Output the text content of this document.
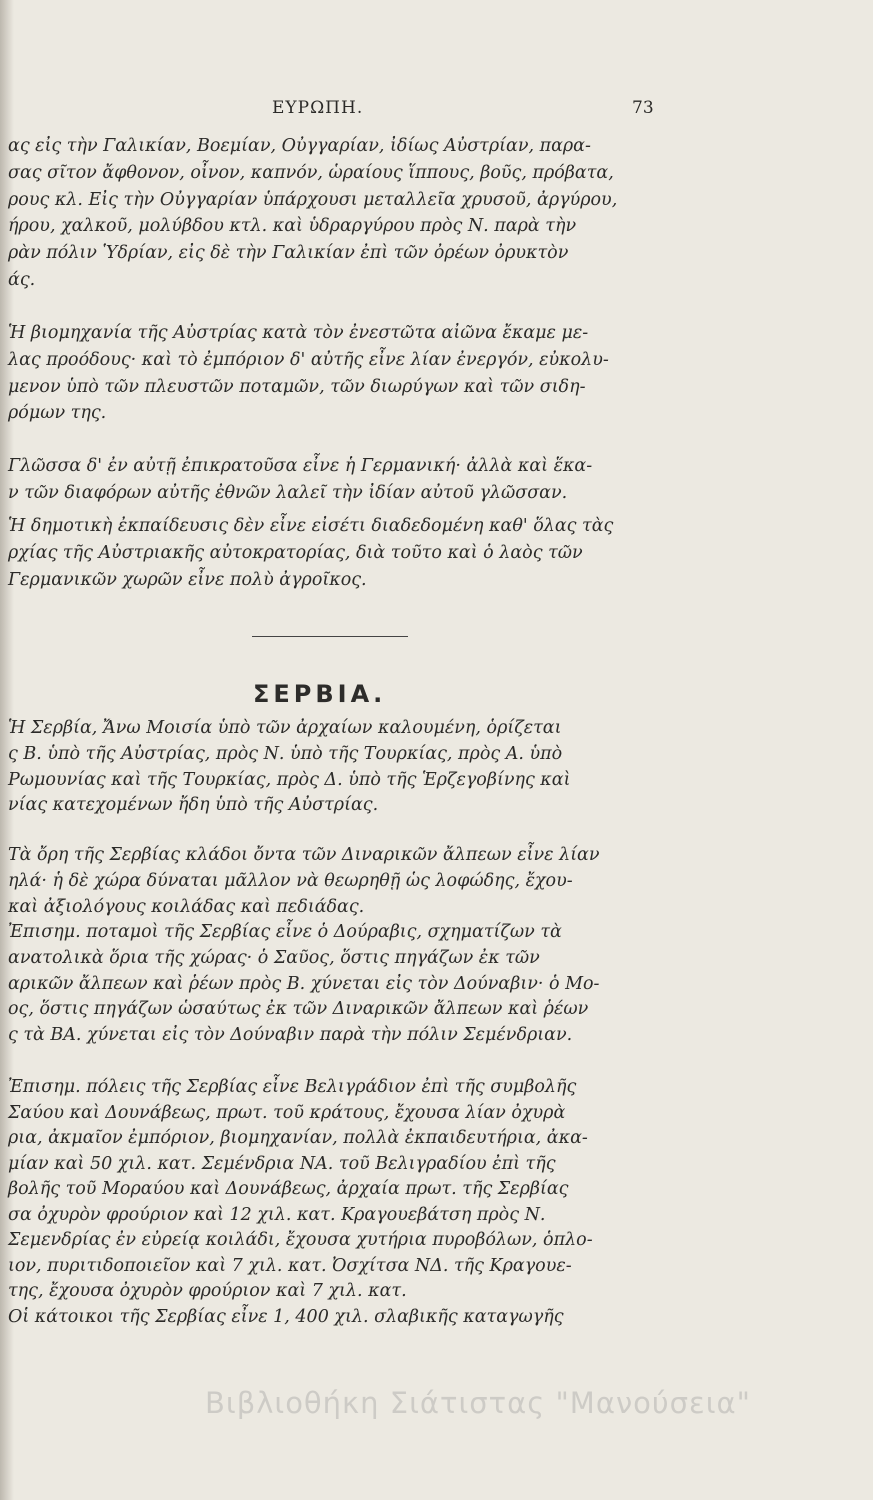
ΕΥΡΩΠΗ.	73
ας εἰς τὴν Γαλικίαν, Βοεμίαν, Οὐγγαρίαν, ἰδίως Αὐστρίαν, παρα-
σας σῖτον ἄφθονον, οἶνον, καπνόν, ὡραίους ἵππους, βοῦς, πρόβατα,
ρους κλ. Εἰς τὴν Οὐγγαρίαν ὑπάρχουσι μεταλλεῖα χρυσοῦ, ἀργύρου,
ήρου, χαλκοῦ, μολύβδου κτλ. καὶ ὑδραργύρου πρὸς Ν. παρὰ τὴν
ρὰν πόλιν Ὑδρίαν, εἰς δὲ τὴν Γαλικίαν ἐπὶ τῶν ὀρέων ὀρυκτὸν
άς.
Ἡ βιομηχανία τῆς Αὐστρίας κατὰ τὸν ἐνεστῶτα αἰῶνα ἔκαμε με-
λας προόδους· καὶ τὸ ἐμπόριον δ' αὐτῆς εἶνε λίαν ἐνεργόν, εὐκολυ-
μενον ὑπὸ τῶν πλευστῶν ποταμῶν, τῶν διωρύγων καὶ τῶν σιδη-
ρόμων της.
Γλῶσσα δ' ἐν αὐτῇ ἐπικρατοῦσα εἶνε ἡ Γερμανική· ἀλλὰ καὶ ἕκα-
ν τῶν διαφόρων αὐτῆς ἐθνῶν λαλεῖ τὴν ἰδίαν αὐτοῦ γλῶσσαν.
Ἡ δημοτικὴ ἐκπαίδευσις δὲν εἶνε εἰσέτι διαδεδομένη καθ' ὅλας τὰς
ρχίας τῆς Αὐστριακῆς αὐτοκρατορίας, διὰ τοῦτο καὶ ὁ λαὸς τῶν
Γερμανικῶν χωρῶν εἶνε πολὺ ἀγροῖκος.
ΣΕΡΒΙΑ.
Ἡ Σερβία, Ἄνω Μοισία ὑπὸ τῶν ἀρχαίων καλουμένη, ὁρίζεται
ς Β. ὑπὸ τῆς Αὐστρίας, πρὸς Ν. ὑπὸ τῆς Τουρκίας, πρὸς Α. ὑπὸ
Ρωμουνίας καὶ τῆς Τουρκίας, πρὸς Δ. ὑπὸ τῆς Ἑρζεγοβίνης καὶ
νίας κατεχομένων ἤδη ὑπὸ τῆς Αὐστρίας.
Τὰ ὄρη τῆς Σερβίας κλάδοι ὄντα τῶν Διναρικῶν ἄλπεων εἶνε λίαν
ηλά· ἡ δὲ χώρα δύναται μᾶλλον νὰ θεωρηθῇ ὡς λοφώδης, ἔχου-
καὶ ἀξιολόγους κοιλάδας καὶ πεδιάδας.
Ἐπισημ. ποταμοὶ τῆς Σερβίας εἶνε ὁ Δούραβις, σχηματίζων τὰ
ανατολικὰ ὅρια τῆς χώρας· ὁ Σαῦος, ὅστις πηγάζων ἐκ τῶν
αρικῶν ἄλπεων καὶ ῥέων πρὸς Β. χύνεται εἰς τὸν Δούναβιν· ὁ Μο-
ος, ὅστις πηγάζων ὡσαύτως ἐκ τῶν Διναρικῶν ἄλπεων καὶ ῥέων
ς τὰ ΒΑ. χύνεται εἰς τὸν Δούναβιν παρὰ τὴν πόλιν Σεμένδριαν.
Ἐπισημ. πόλεις τῆς Σερβίας εἶνε Βελιγράδιον ἐπὶ τῆς συμβολῆς
Σαύου καὶ Δουνάβεως, πρωτ. τοῦ κράτους, ἔχουσα λίαν ὀχυρὰ
ρια, ἀκμαῖον ἐμπόριον, βιομηχανίαν, πολλὰ ἐκπαιδευτήρια, ἀκα-
μίαν καὶ 50 χιλ. κατ. Σεμένδρια ΝΑ. τοῦ Βελιγραδίου ἐπὶ τῆς
βολῆς τοῦ Μοραύου καὶ Δουνάβεως, ἀρχαία πρωτ. τῆς Σερβίας
σα ὀχυρὸν φρούριον καὶ 12 χιλ. κατ. Κραγουεβάτση πρὸς Ν.
Σεμενδρίας ἐν εὐρείᾳ κοιλάδι, ἔχουσα χυτήρια πυροβόλων, ὁπλο-
ιον, πυριτιδοποιεῖον καὶ 7 χιλ. κατ. Ὀσχίτσα ΝΔ. τῆς Κραγουε-
της, ἔχουσα ὀχυρὸν φρούριον καὶ 7 χιλ. κατ.
Οἱ κάτοικοι τῆς Σερβίας εἶνε 1, 400 χιλ. σλαβικῆς καταγωγῆς
Βιβλιοθήκη Σιάτιστας "Μανούσεια"
